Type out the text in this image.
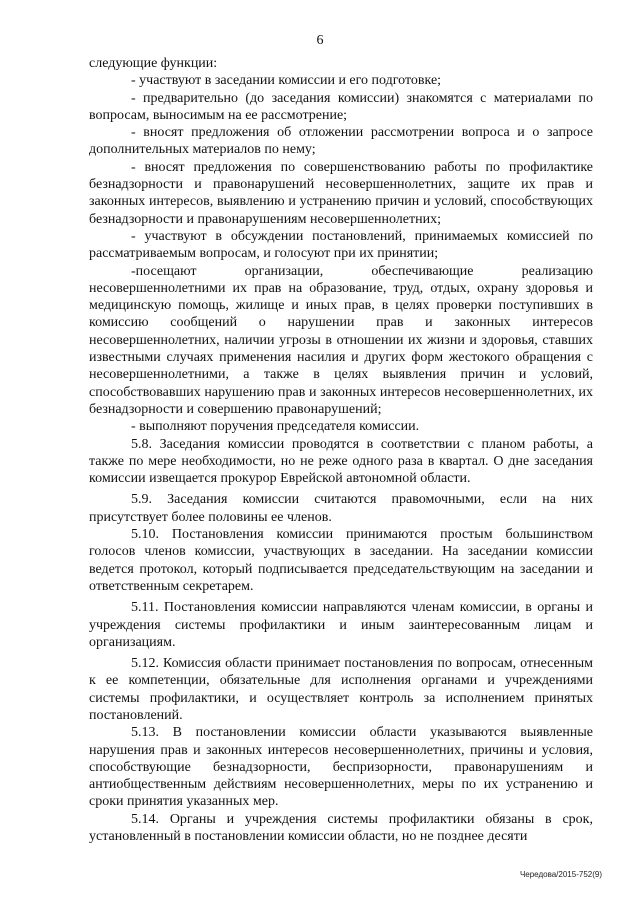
6

следующие функции:

- участвуют в заседании комиссии и его подготовке;

- предварительно (до заседания комиссии) знакомятся с материалами по вопросам, выносимым на ее рассмотрение;

- вносят предложения об отложении рассмотрении вопроса и о запросе дополнительных материалов по нему;

- вносят предложения по совершенствованию работы по профилактике безнадзорности и правонарушений несовершеннолетних, защите их прав и законных интересов, выявлению и устранению причин и условий, способствующих безнадзорности и правонарушениям несовершеннолетних;

- участвуют в обсуждении постановлений, принимаемых комиссией по рассматриваемым вопросам, и голосуют при их принятии;

-посещают организации, обеспечивающие реализацию несовершеннолетними их прав на образование, труд, отдых, охрану здоровья и медицинскую помощь, жилище и иных прав, в целях проверки поступивших в комиссию сообщений о нарушении прав и законных интересов несовершеннолетних, наличии угрозы в отношении их жизни и здоровья, ставших известными случаях применения насилия и других форм жестокого обращения с несовершеннолетними, а также в целях выявления причин и условий, способствовавших нарушению прав и законных интересов несовершеннолетних, их безнадзорности и совершению правонарушений;

- выполняют поручения председателя комиссии.

5.8. Заседания комиссии проводятся в соответствии с планом работы, а также по мере необходимости, но не реже одного раза в квартал. О дне заседания комиссии извещается прокурор Еврейской автономной области.

5.9. Заседания комиссии считаются правомочными, если на них присутствует более половины ее членов.

5.10. Постановления комиссии принимаются простым большинством голосов членов комиссии, участвующих в заседании. На заседании комиссии ведется протокол, который подписывается председательствующим на заседании и ответственным секретарем.

5.11. Постановления комиссии направляются членам комиссии, в органы и учреждения системы профилактики и иным заинтересованным лицам и организациям.

5.12. Комиссия области принимает постановления по вопросам, отнесенным к ее компетенции, обязательные для исполнения органами и учреждениями системы профилактики, и осуществляет контроль за исполнением принятых постановлений.

5.13. В постановлении комиссии области указываются выявленные нарушения прав и законных интересов несовершеннолетних, причины и условия, способствующие безнадзорности, беспризорности, правонарушениям и антиобщественным действиям несовершеннолетних, меры по их устранению и сроки принятия указанных мер.

5.14. Органы и учреждения системы профилактики обязаны в срок, установленный в постановлении комиссии области, но не позднее десяти

Чередова/2015-752(9)
